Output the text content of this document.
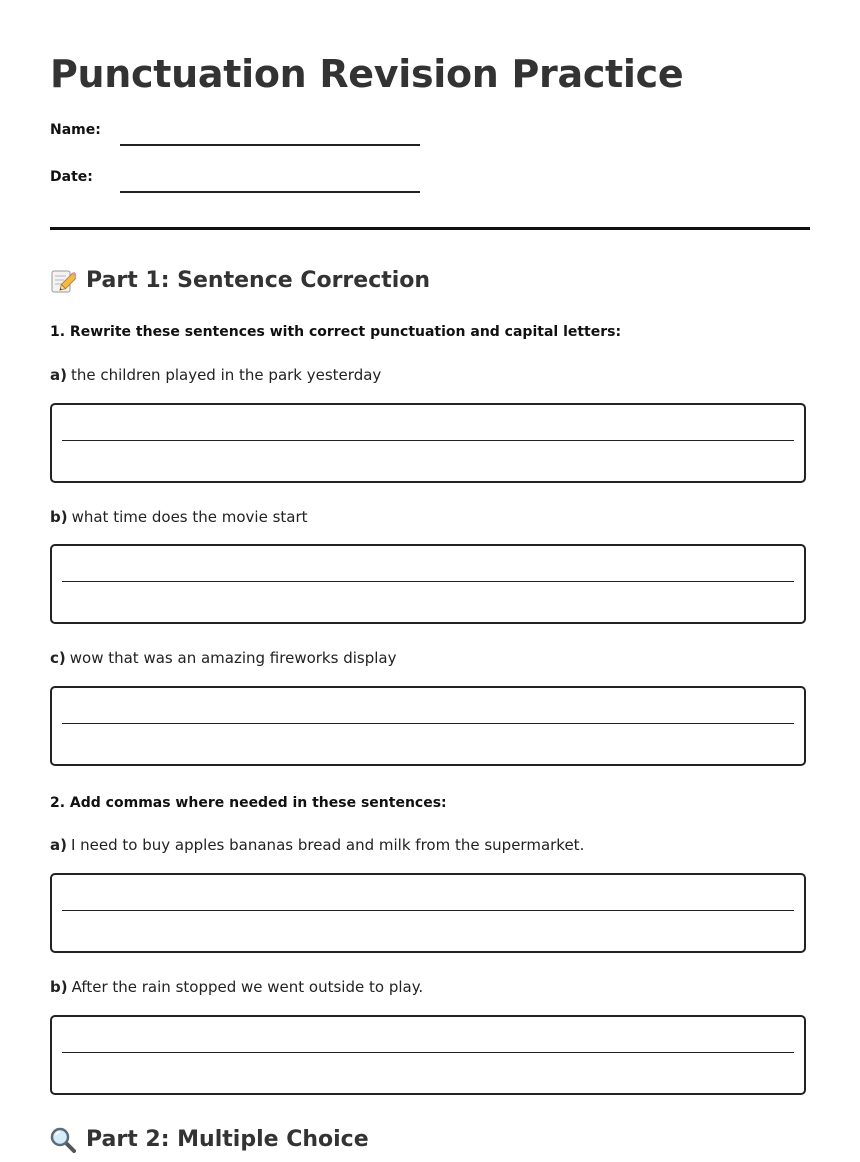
Punctuation Revision Practice
Name:
Date:
Part 1: Sentence Correction
1. Rewrite these sentences with correct punctuation and capital letters:
a) the children played in the park yesterday
b) what time does the movie start
c) wow that was an amazing fireworks display
2. Add commas where needed in these sentences:
a) I need to buy apples bananas bread and milk from the supermarket.
b) After the rain stopped we went outside to play.
Part 2: Multiple Choice
